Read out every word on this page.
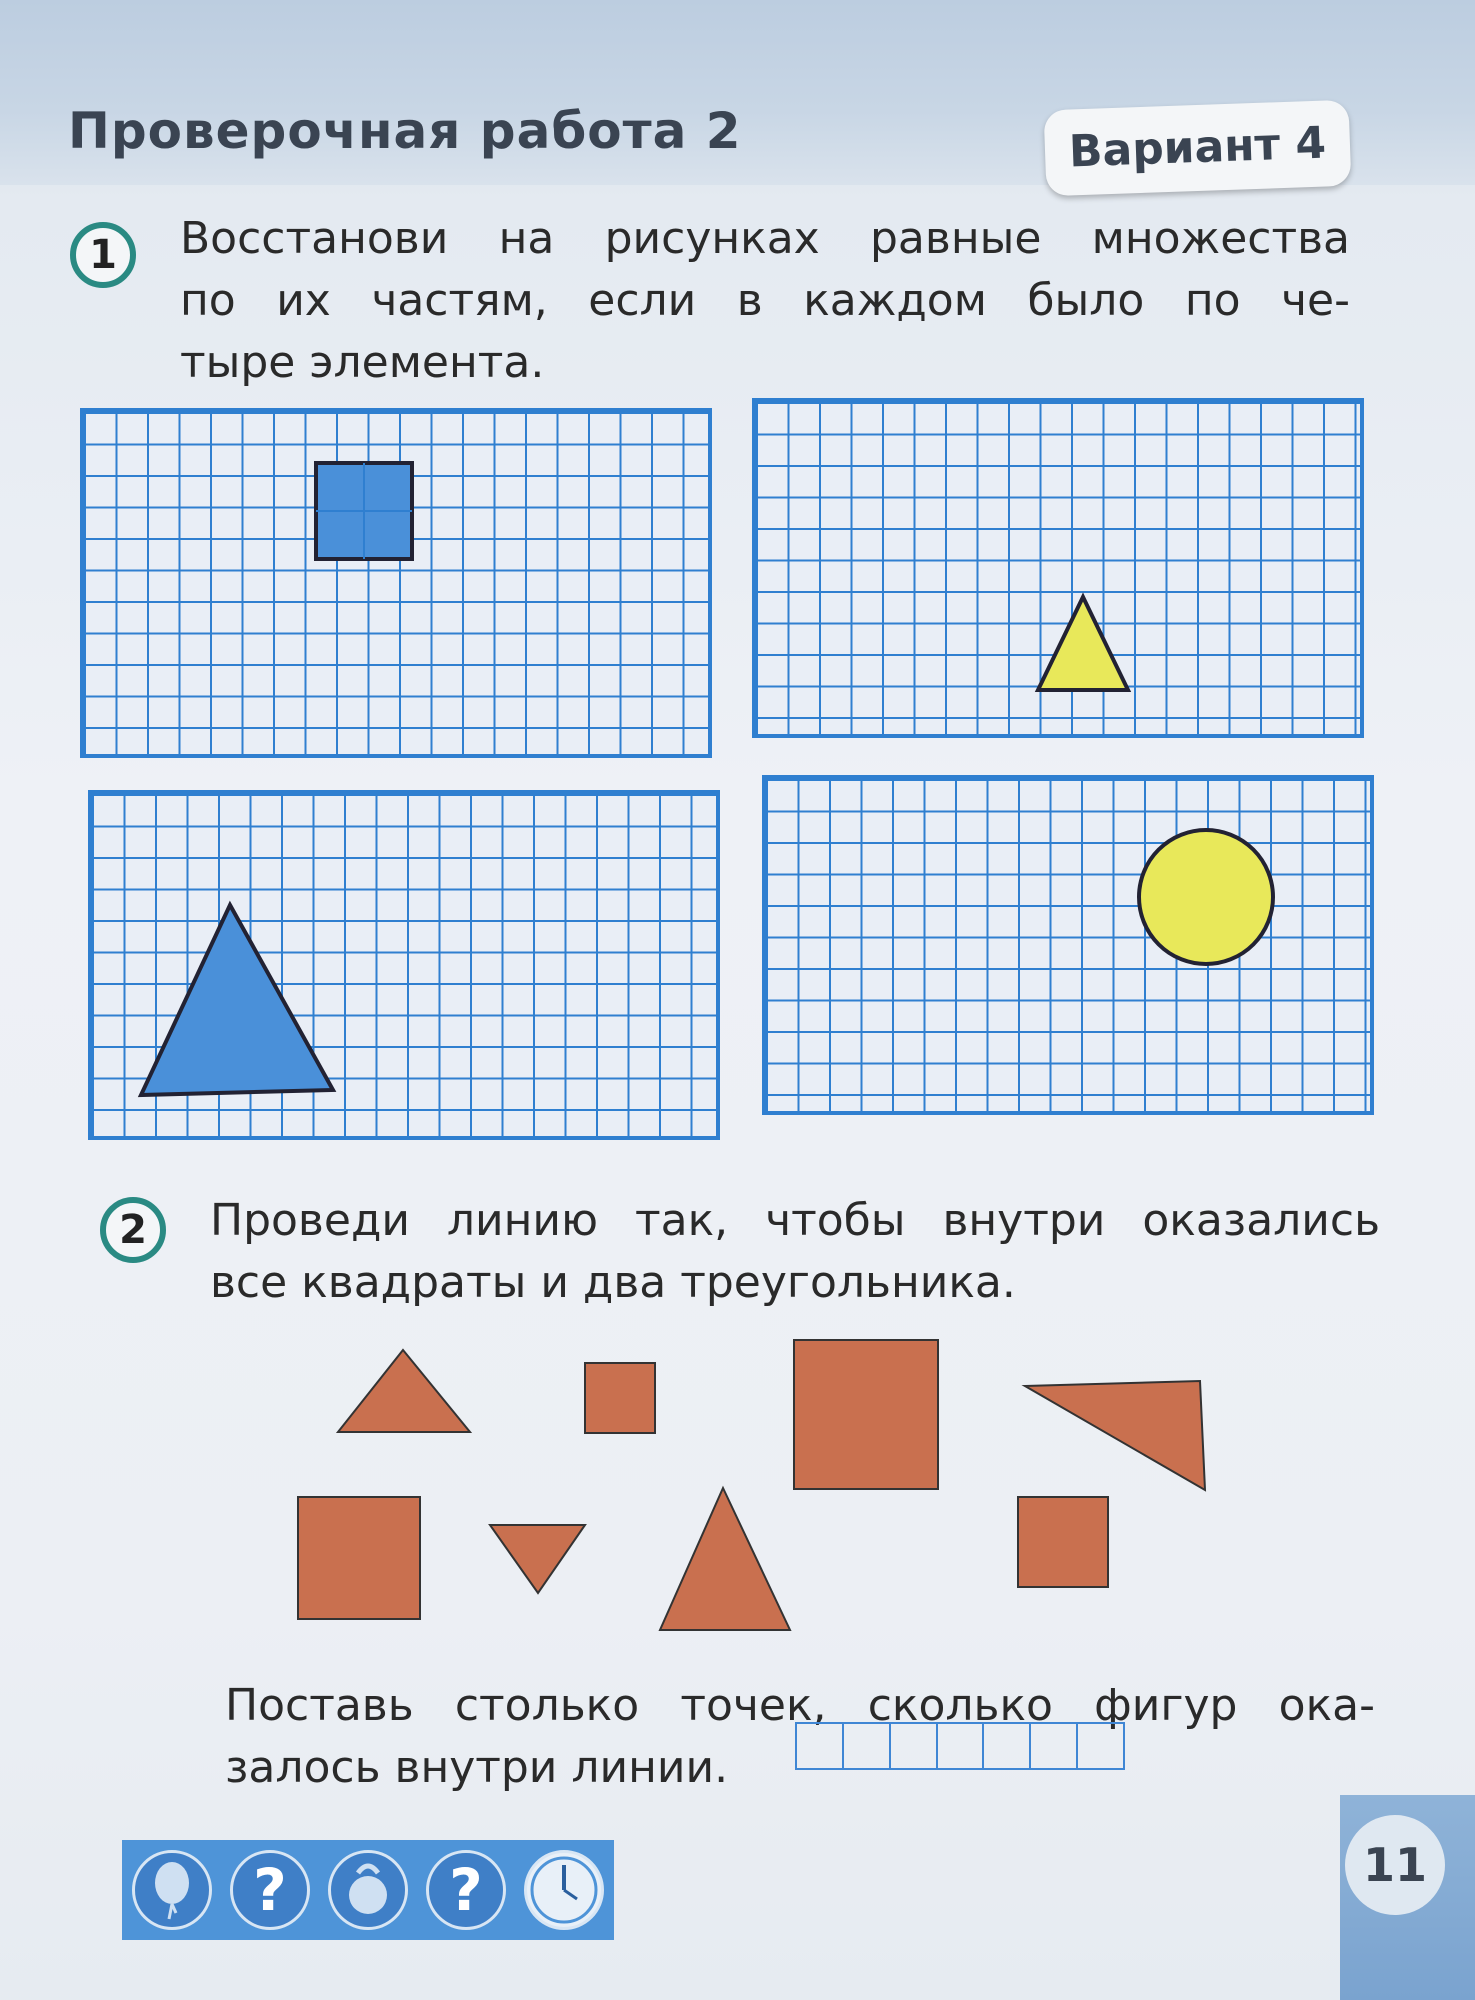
Проверочная работа 2	Вариант 4
1	Восстанови на рисунках равные множества
по их частям, если в каждом было по че-
тыре элемента.
2	Проведи линию так, чтобы внутри оказались
все квадраты и два треугольника.
Поставь столько точек, сколько фигур ока-
залось внутри линии.
?	?	11
